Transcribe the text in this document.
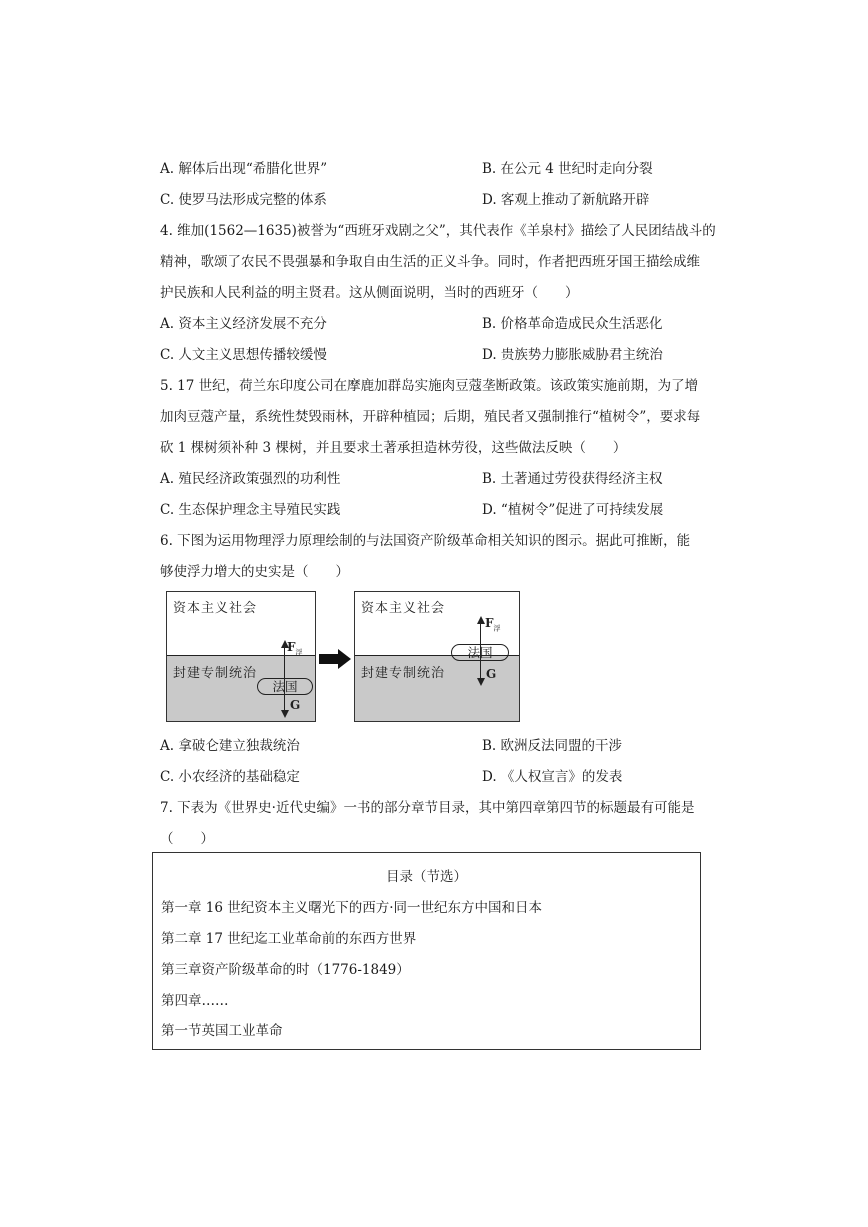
A. 解体后出现“希腊化世界”	B. 在公元 4 世纪时走向分裂
C. 使罗马法形成完整的体系	D. 客观上推动了新航路开辟
4. 维加(1562—1635)被誉为“西班牙戏剧之父”，其代表作《羊泉村》描绘了人民团结战斗的
精神，歌颂了农民不畏强暴和争取自由生活的正义斗争。同时，作者把西班牙国王描绘成维
护民族和人民利益的明主贤君。这从侧面说明，当时的西班牙（　　）
A. 资本主义经济发展不充分	B. 价格革命造成民众生活恶化
C. 人文主义思想传播较缓慢	D. 贵族势力膨胀威胁君主统治
5. 17 世纪，荷兰东印度公司在摩鹿加群岛实施肉豆蔻垄断政策。该政策实施前期，为了增
加肉豆蔻产量，系统性焚毁雨林，开辟种植园；后期，殖民者又强制推行“植树令”，要求每
砍 1 棵树须补种 3 棵树，并且要求土著承担造林劳役，这些做法反映（　　）
A. 殖民经济政策强烈的功利性	B. 土著通过劳役获得经济主权
C. 生态保护理念主导殖民实践	D. “植树令”促进了可持续发展
6. 下图为运用物理浮力原理绘制的与法国资产阶级革命相关知识的图示。据此可推断，能
够使浮力增大的史实是（　　）
资本主义社会
封建专制统治
法国
$F_浮$
G
资本主义社会
封建专制统治
法国
$F_浮$
G
A. 拿破仑建立独裁统治	B. 欧洲反法同盟的干涉
C. 小农经济的基础稳定	D. 《人权宣言》的发表
7. 下表为《世界史·近代史编》一书的部分章节目录，其中第四章第四节的标题最有可能是
（　　）
目录（节选）
第一章 16 世纪资本主义曙光下的西方·同一世纪东方中国和日本
第二章 17 世纪迄工业革命前的东西方世界
第三章资产阶级革命的时（1776-1849）
第四章……
第一节英国工业革命
